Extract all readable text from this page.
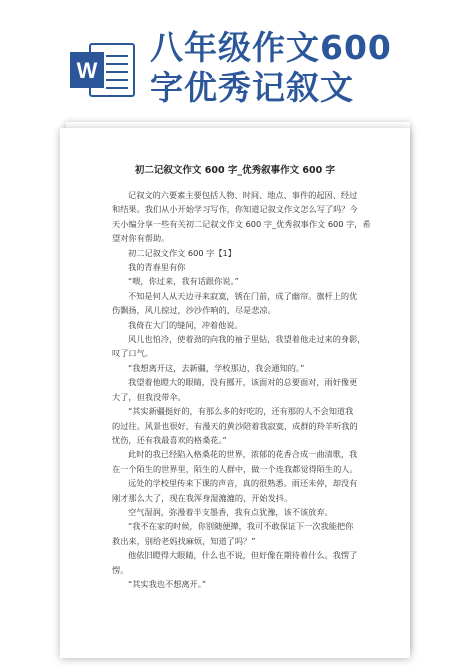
W
八年级作文600
字优秀记叙文
初二记叙文作文 600 字_优秀叙事作文 600 字

记叙文的六要素主要包括人物、时间、地点、事件的起因、经过

和结果。我们从小开始学习写作，你知道记叙文作文怎么写了吗？今

天小编分享一些有关初二记叙文作文 600 字_优秀叙事作文 600 字，希

望对你有帮助。

初二记叙文作文 600 字【1】

我的青春里有你

“喂，你过来，我有话跟你说。”

不知是何人从天边寻来寂寞，锈在门前，成了幽帘。旗杆上的优

伤飘扬，风儿掠过，沙沙作响的，尽是悲凉。

我倚在大门的缝间，冲着他说。

风儿也怕冷，使着劲的向我的袖子里钻，我望着他走过来的身影，

叹了口气。

“我想离开这，去新疆，学校那边，我会通知的。”

我望着他瞪大的眼睛，没有挪开，该面对的总要面对，雨好像更

大了，但我没带伞。

“其实新疆挺好的，有那么多的好吃的，还有那的人不会知道我

的过往。风景也很好，有漫天的黄沙陪着我寂寞，成群的羚羊听我的

忧伤，还有我最喜欢的格桑花。”

此时的我已经陷入格桑花的世界，浓郁的花香合成一曲清歌，我

在一个陌生的世界里，陌生的人群中，做一个连我都觉得陌生的人。

远处的学校里传来下课的声音，真的很熟悉。雨还未停，却没有

刚才那么大了，现在我浑身湿漉漉的，开始发抖。

空气湿润，弥漫着半支墨香，我有点犹豫，该不该放弃。

“我不在家的时候，你别随便撵，我可不敢保证下一次我能把你

救出来，别给老妈找麻烦，知道了吗？”

他依旧瞪得大眼睛，什么也不说，但好像在期待着什么。我愣了

愣。

“其实我也不想离开。”
